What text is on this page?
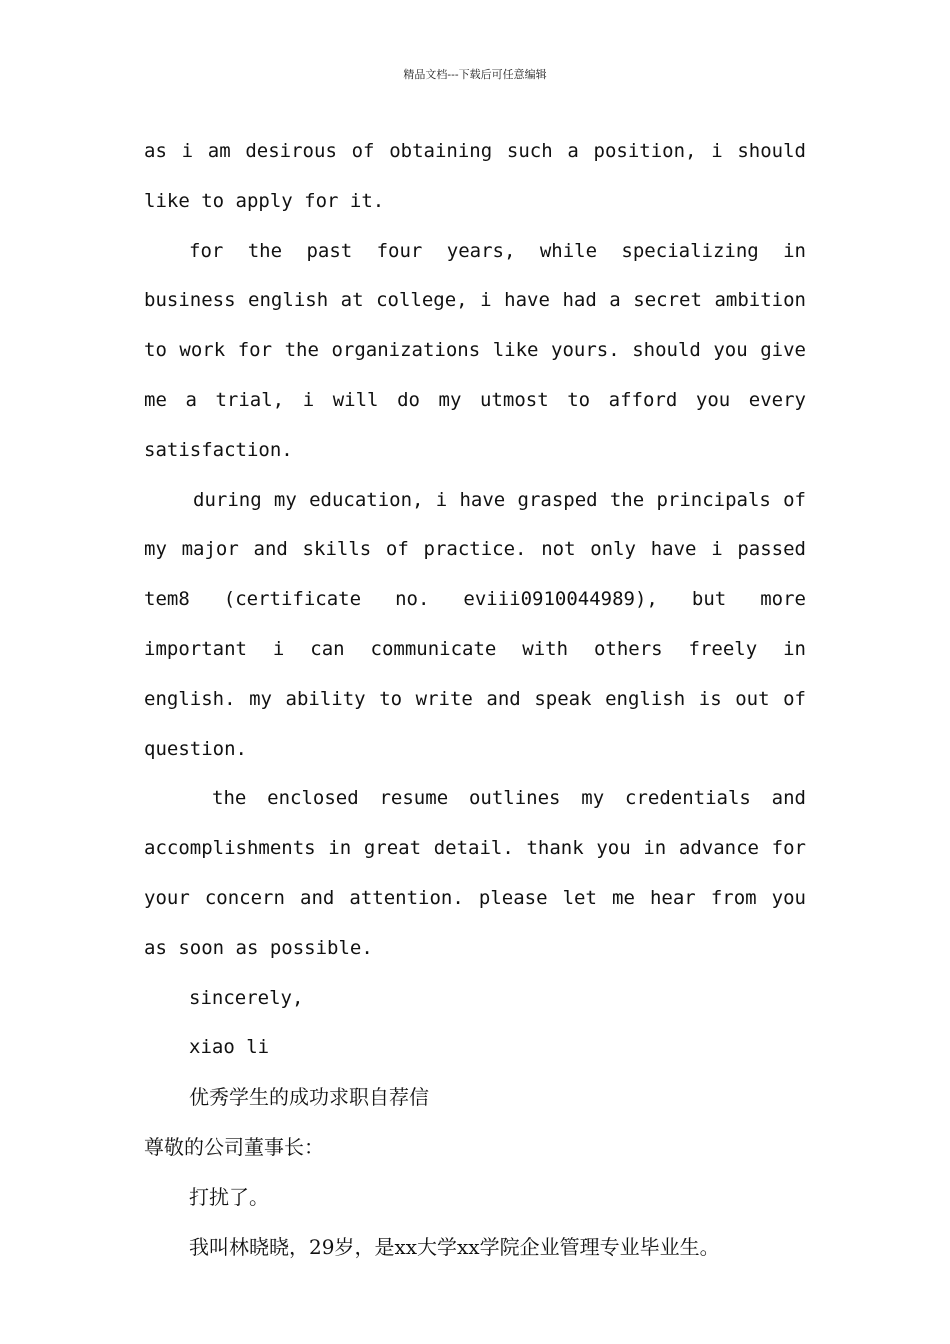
精品文档---下载后可任意编辑

as i am desirous of obtaining such a position, i should like to apply for it.

for the past four years, while specializing in business english at college, i have had a secret ambition to work for the organizations like yours. should you give me a trial, i will do my utmost to afford you every satisfaction.

during my education, i have grasped the principals of my major and skills of practice. not only have i passed tem8 (certificate no. eviii0910044989), but more important i can communicate with others freely in english. my ability to write and speak english is out of question.

the enclosed resume outlines my credentials and accomplishments in great detail. thank you in advance for your concern and attention. please let me hear from you as soon as possible.

sincerely,

xiao li

优秀学生的成功求职自荐信

尊敬的公司董事长：

打扰了。

我叫林晓晓，29岁，是xx大学xx学院企业管理专业毕业生。
